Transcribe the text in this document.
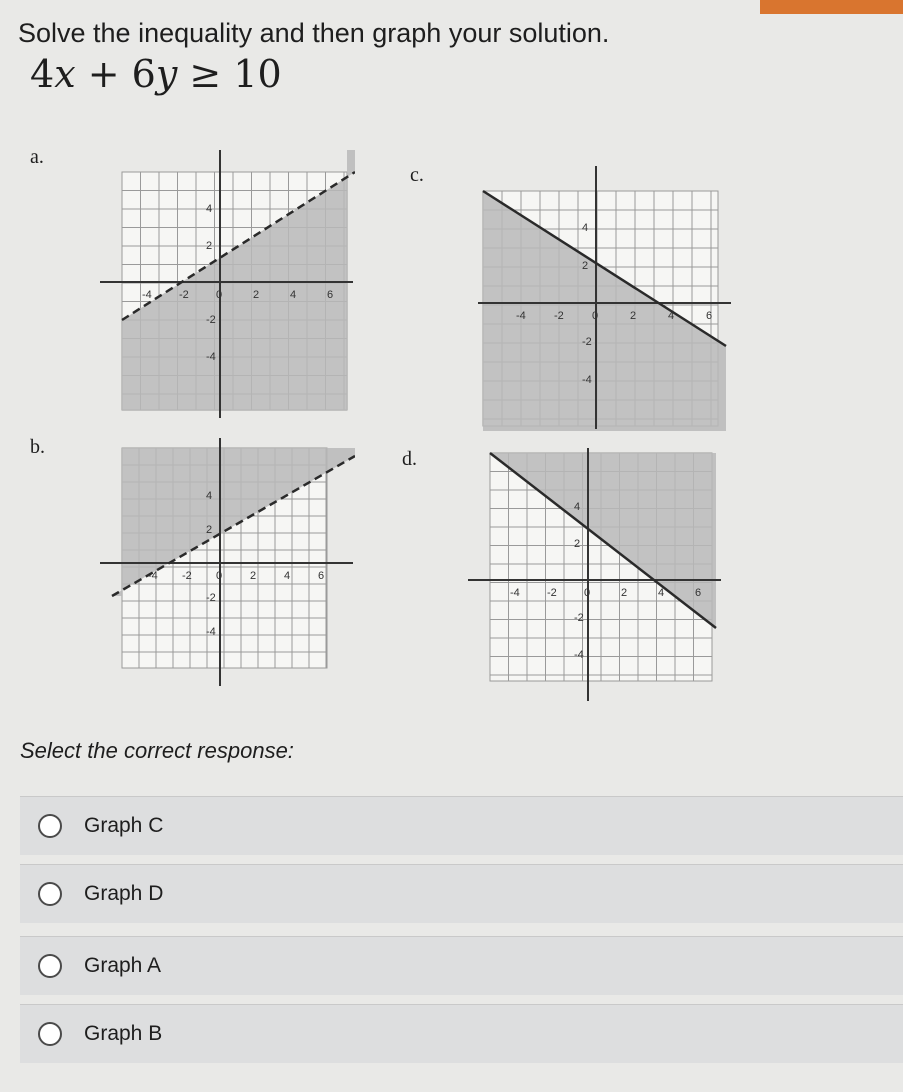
Solve the inequality and then graph your solution.
4x + 6y ≥ 10
a.
b.
c.
d.
-4 -2 0	2	4	6
4
2
-2
-4
-4 -2 0	2	4	6
4
2
-2
-4
-4	-2	0	2	4	6
4
2
-2
-4
-4 -2 0	2	4	6
4
2
-2
-4
Select the correct response:
Graph C
Graph D
Graph A
Graph B
